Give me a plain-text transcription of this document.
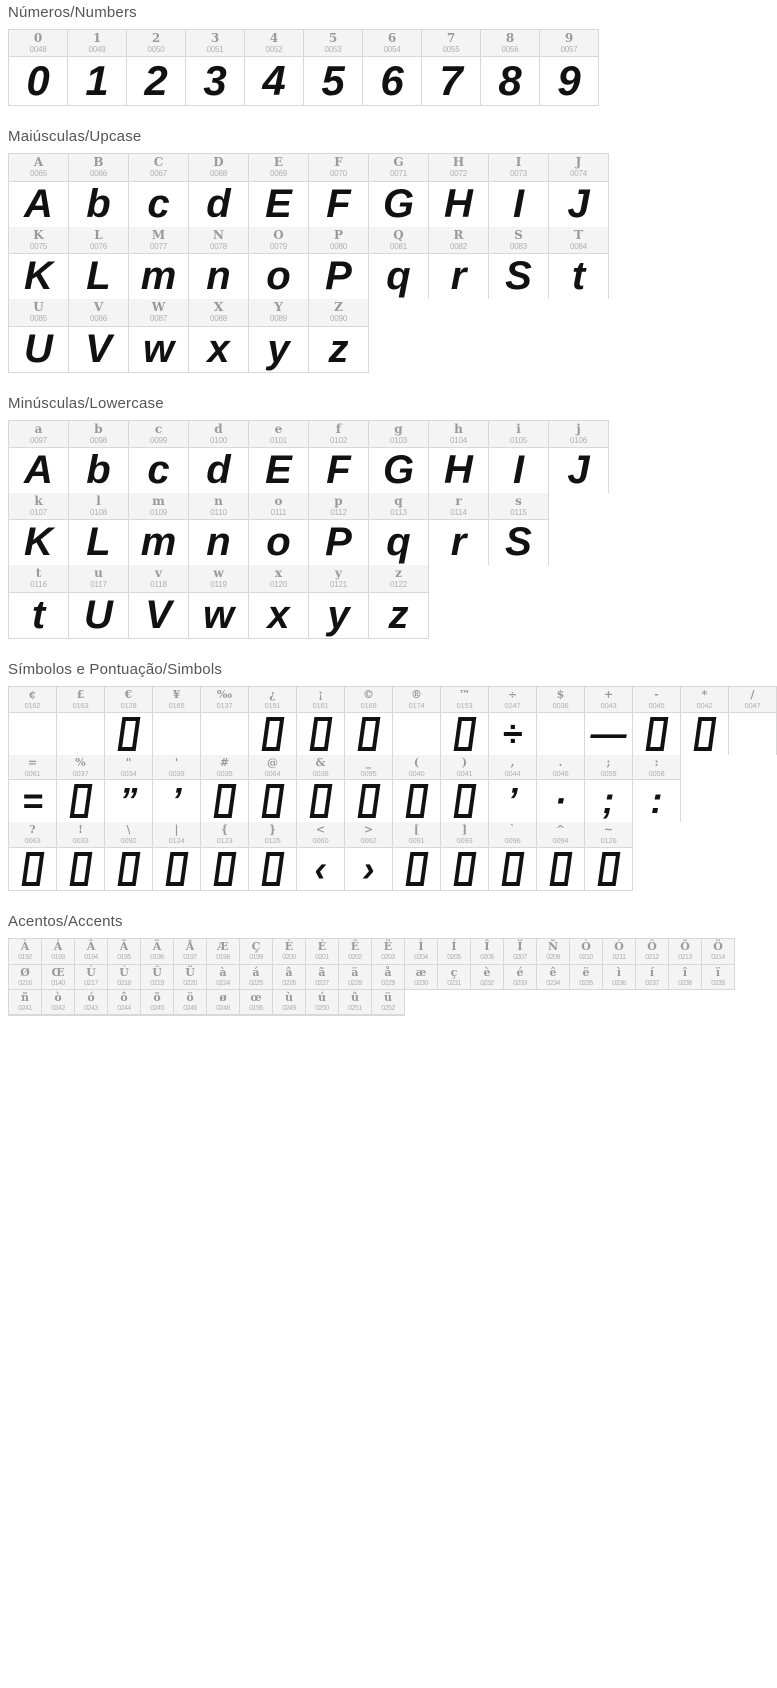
Números/Numbers
0
0048
0
1
0049
1
2
0050
2
3
0051
3
4
0052
4
5
0053
5
6
0054
6
7
0055
7
8
0056
8
9
0057
9
Maiúsculas/Upcase
A
0065
A
B
0066
b
C
0067
c
D
0068
d
E
0069
E
F
0070
F
G
0071
G
H
0072
H
I
0073
I
J
0074
J
K
0075
K
L
0076
L
M
0077
m
N
0078
n
O
0079
o
P
0080
P
Q
0081
q
R
0082
r
S
0083
S
T
0084
t
U
0085
U
V
0086
V
W
0087
w
X
0088
x
Y
0089
y
Z
0090
z
Minúsculas/Lowercase
a
0097
A
b
0098
b
c
0099
c
d
0100
d
e
0101
E
f
0102
F
g
0103
G
h
0104
H
i
0105
I
j
0106
J
k
0107
K
l
0108
L
m
0109
m
n
0110
n
o
0111
o
p
0112
P
q
0113
q
r
0114
r
s
0115
S
t
0116
t
u
0117
U
v
0118
V
w
0119
w
x
0120
x
y
0121
y
z
0122
z
Símbolos e Pontuação/Simbols
¢
0162
£
0163
€
0128
¥
0165
‰
0137
¿
0191
¡
0161
©
0169
®
0174
™
0153
÷
0247
÷
$
0036
+
0043
—
-
0045
*
0042
/
0047
=
0061
=
%
0037
"
0034
”
'
0039
’
#
0035
@
0064
&
0038
_
0095
(
0040
)
0041
,
0044
’
.
0046
·
;
0059
;
:
0058
:
?
0063
!
0033
\
0092
|
0124
{
0123
}
0125
<
0060
‹
>
0062
›
[
0091
]
0093
`
0096
^
0094
~
0126
Acentos/Accents
À
0192
Á
0193
Â
0194
Ã
0195
Ä
0196
Å
0197
Æ
0198
Ç
0199
È
0200
É
0201
Ê
0202
Ë
0203
Ì
0204
Í
0205
Î
0206
Ï
0207
Ñ
0209
Ò
0210
Ó
0211
Ô
0212
Õ
0213
Ö
0214
Ø
0216
Œ
0140
Ù
0217
Ú
0218
Û
0219
Ü
0220
à
0224
á
0225
â
0226
ã
0227
ä
0228
å
0229
æ
0230
ç
0231
è
0232
é
0233
ê
0234
ë
0235
ì
0236
í
0237
î
0238
ï
0239
ñ
0241
ò
0242
ó
0243
ô
0244
õ
0245
ö
0246
ø
0248
œ
0156
ù
0249
ú
0250
û
0251
ü
0252
